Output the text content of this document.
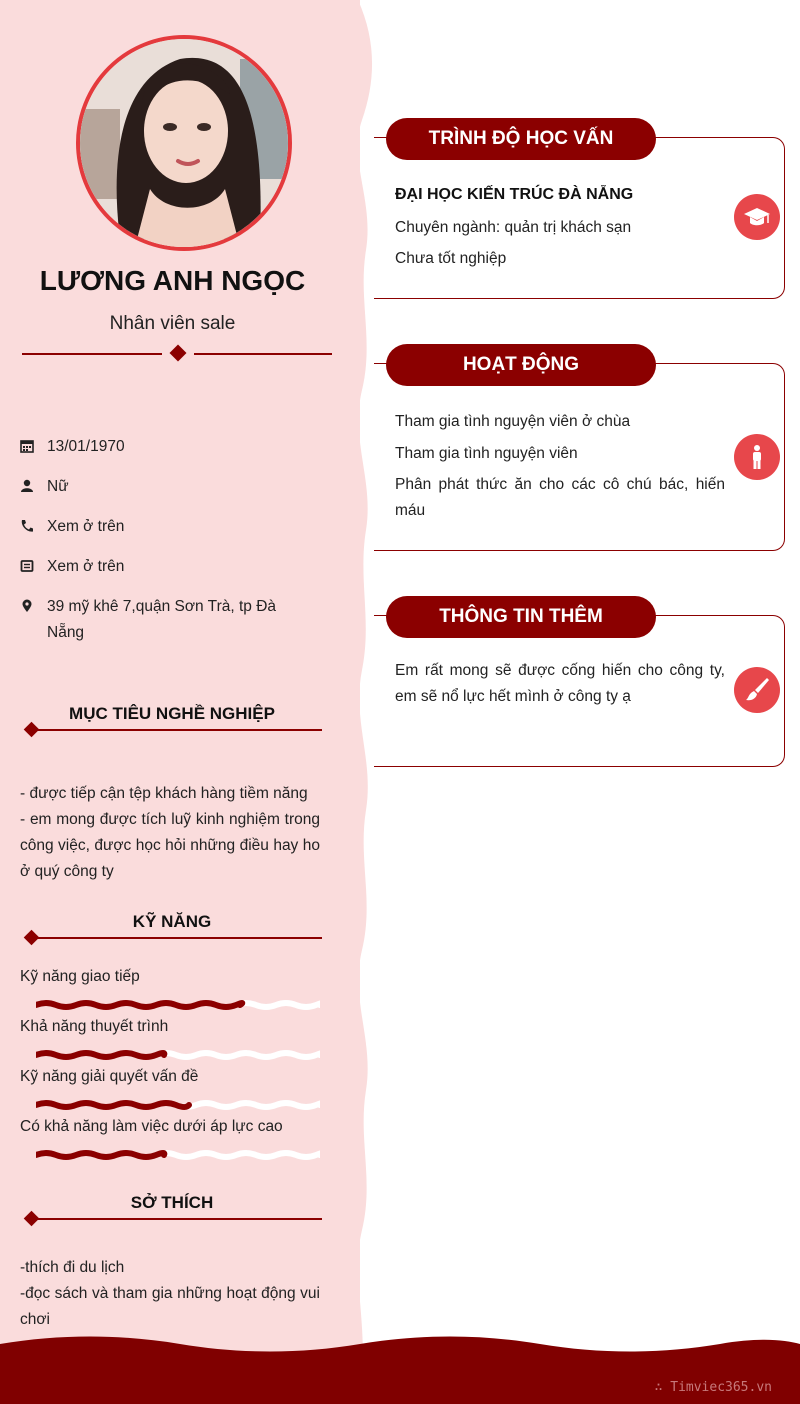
LƯƠNG ANH NGỌC
Nhân viên sale
13/01/1970
Nữ
Xem ở trên
Xem ở trên
39 mỹ khê 7,quận Sơn Trà, tp Đà Nẵng
MỤC TIÊU NGHỀ NGHIỆP
- được tiếp cận tệp khách hàng tiềm năng
- em mong được tích luỹ kinh nghiệm trong công việc, được học hỏi những điều hay ho ở quý công ty
KỸ NĂNG
Kỹ năng giao tiếp
Khả năng thuyết trình
Kỹ năng giải quyết vấn đề
Có khả năng làm việc dưới áp lực cao
SỞ THÍCH
-thích đi du lịch
-đọc sách và tham gia những hoạt động vui chơi
TRÌNH ĐỘ HỌC VẤN
ĐẠI HỌC KIẾN TRÚC ĐÀ NẴNG
Chuyên ngành: quản trị khách sạn
Chưa tốt nghiệp
HOẠT ĐỘNG
Tham gia tình nguyện viên ở chùa
Tham gia tình nguyện viên
Phân phát thức ăn cho các cô chú bác, hiến máu
THÔNG TIN THÊM
Em rất mong sẽ được cống hiến cho công ty, em sẽ nổ lực hết mình ở công ty ạ
∴ Timviec365.vn
